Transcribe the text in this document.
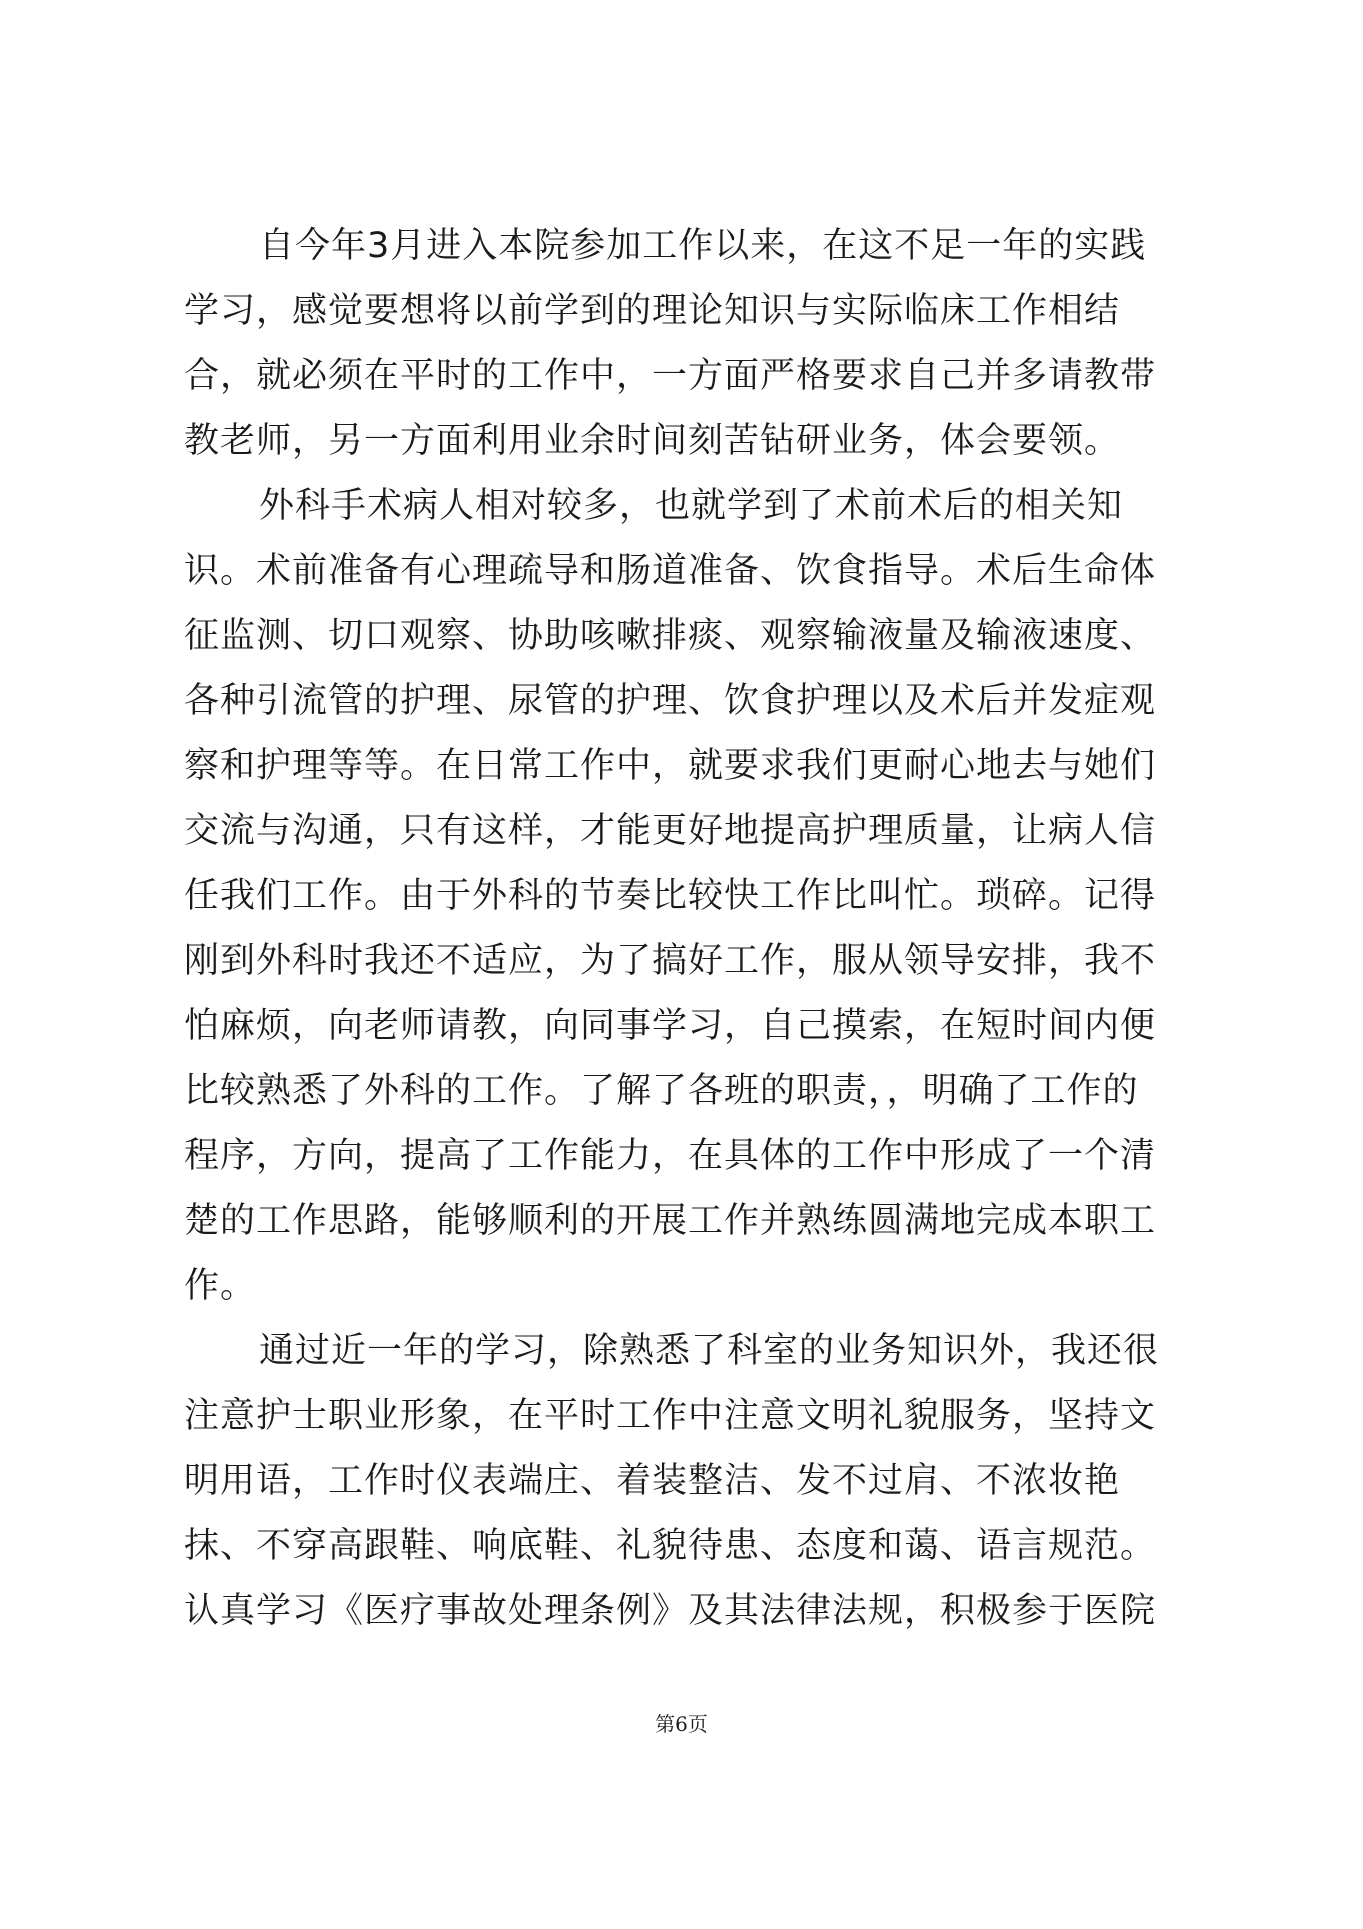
自今年3月进入本院参加工作以来，在这不足一年的实践
学习，感觉要想将以前学到的理论知识与实际临床工作相结
合，就必须在平时的工作中，一方面严格要求自己并多请教带
教老师，另一方面利用业余时间刻苦钻研业务，体会要领。
外科手术病人相对较多，也就学到了术前术后的相关知
识。术前准备有心理疏导和肠道准备、饮食指导。术后生命体
征监测、切口观察、协助咳嗽排痰、观察输液量及输液速度、
各种引流管的护理、尿管的护理、饮食护理以及术后并发症观
察和护理等等。在日常工作中，就要求我们更耐心地去与她们
交流与沟通，只有这样，才能更好地提高护理质量，让病人信
任我们工作。由于外科的节奏比较快工作比叫忙。琐碎。记得
刚到外科时我还不适应，为了搞好工作，服从领导安排，我不
怕麻烦，向老师请教，向同事学习，自己摸索，在短时间内便
比较熟悉了外科的工作。了解了各班的职责，，明确了工作的
程序，方向，提高了工作能力，在具体的工作中形成了一个清
楚的工作思路，能够顺利的开展工作并熟练圆满地完成本职工
作。
通过近一年的学习，除熟悉了科室的业务知识外，我还很
注意护士职业形象，在平时工作中注意文明礼貌服务，坚持文
明用语，工作时仪表端庄、着装整洁、发不过肩、不浓妆艳
抹、不穿高跟鞋、响底鞋、礼貌待患、态度和蔼、语言规范。
认真学习《医疗事故处理条例》及其法律法规，积极参于医院
第6页
